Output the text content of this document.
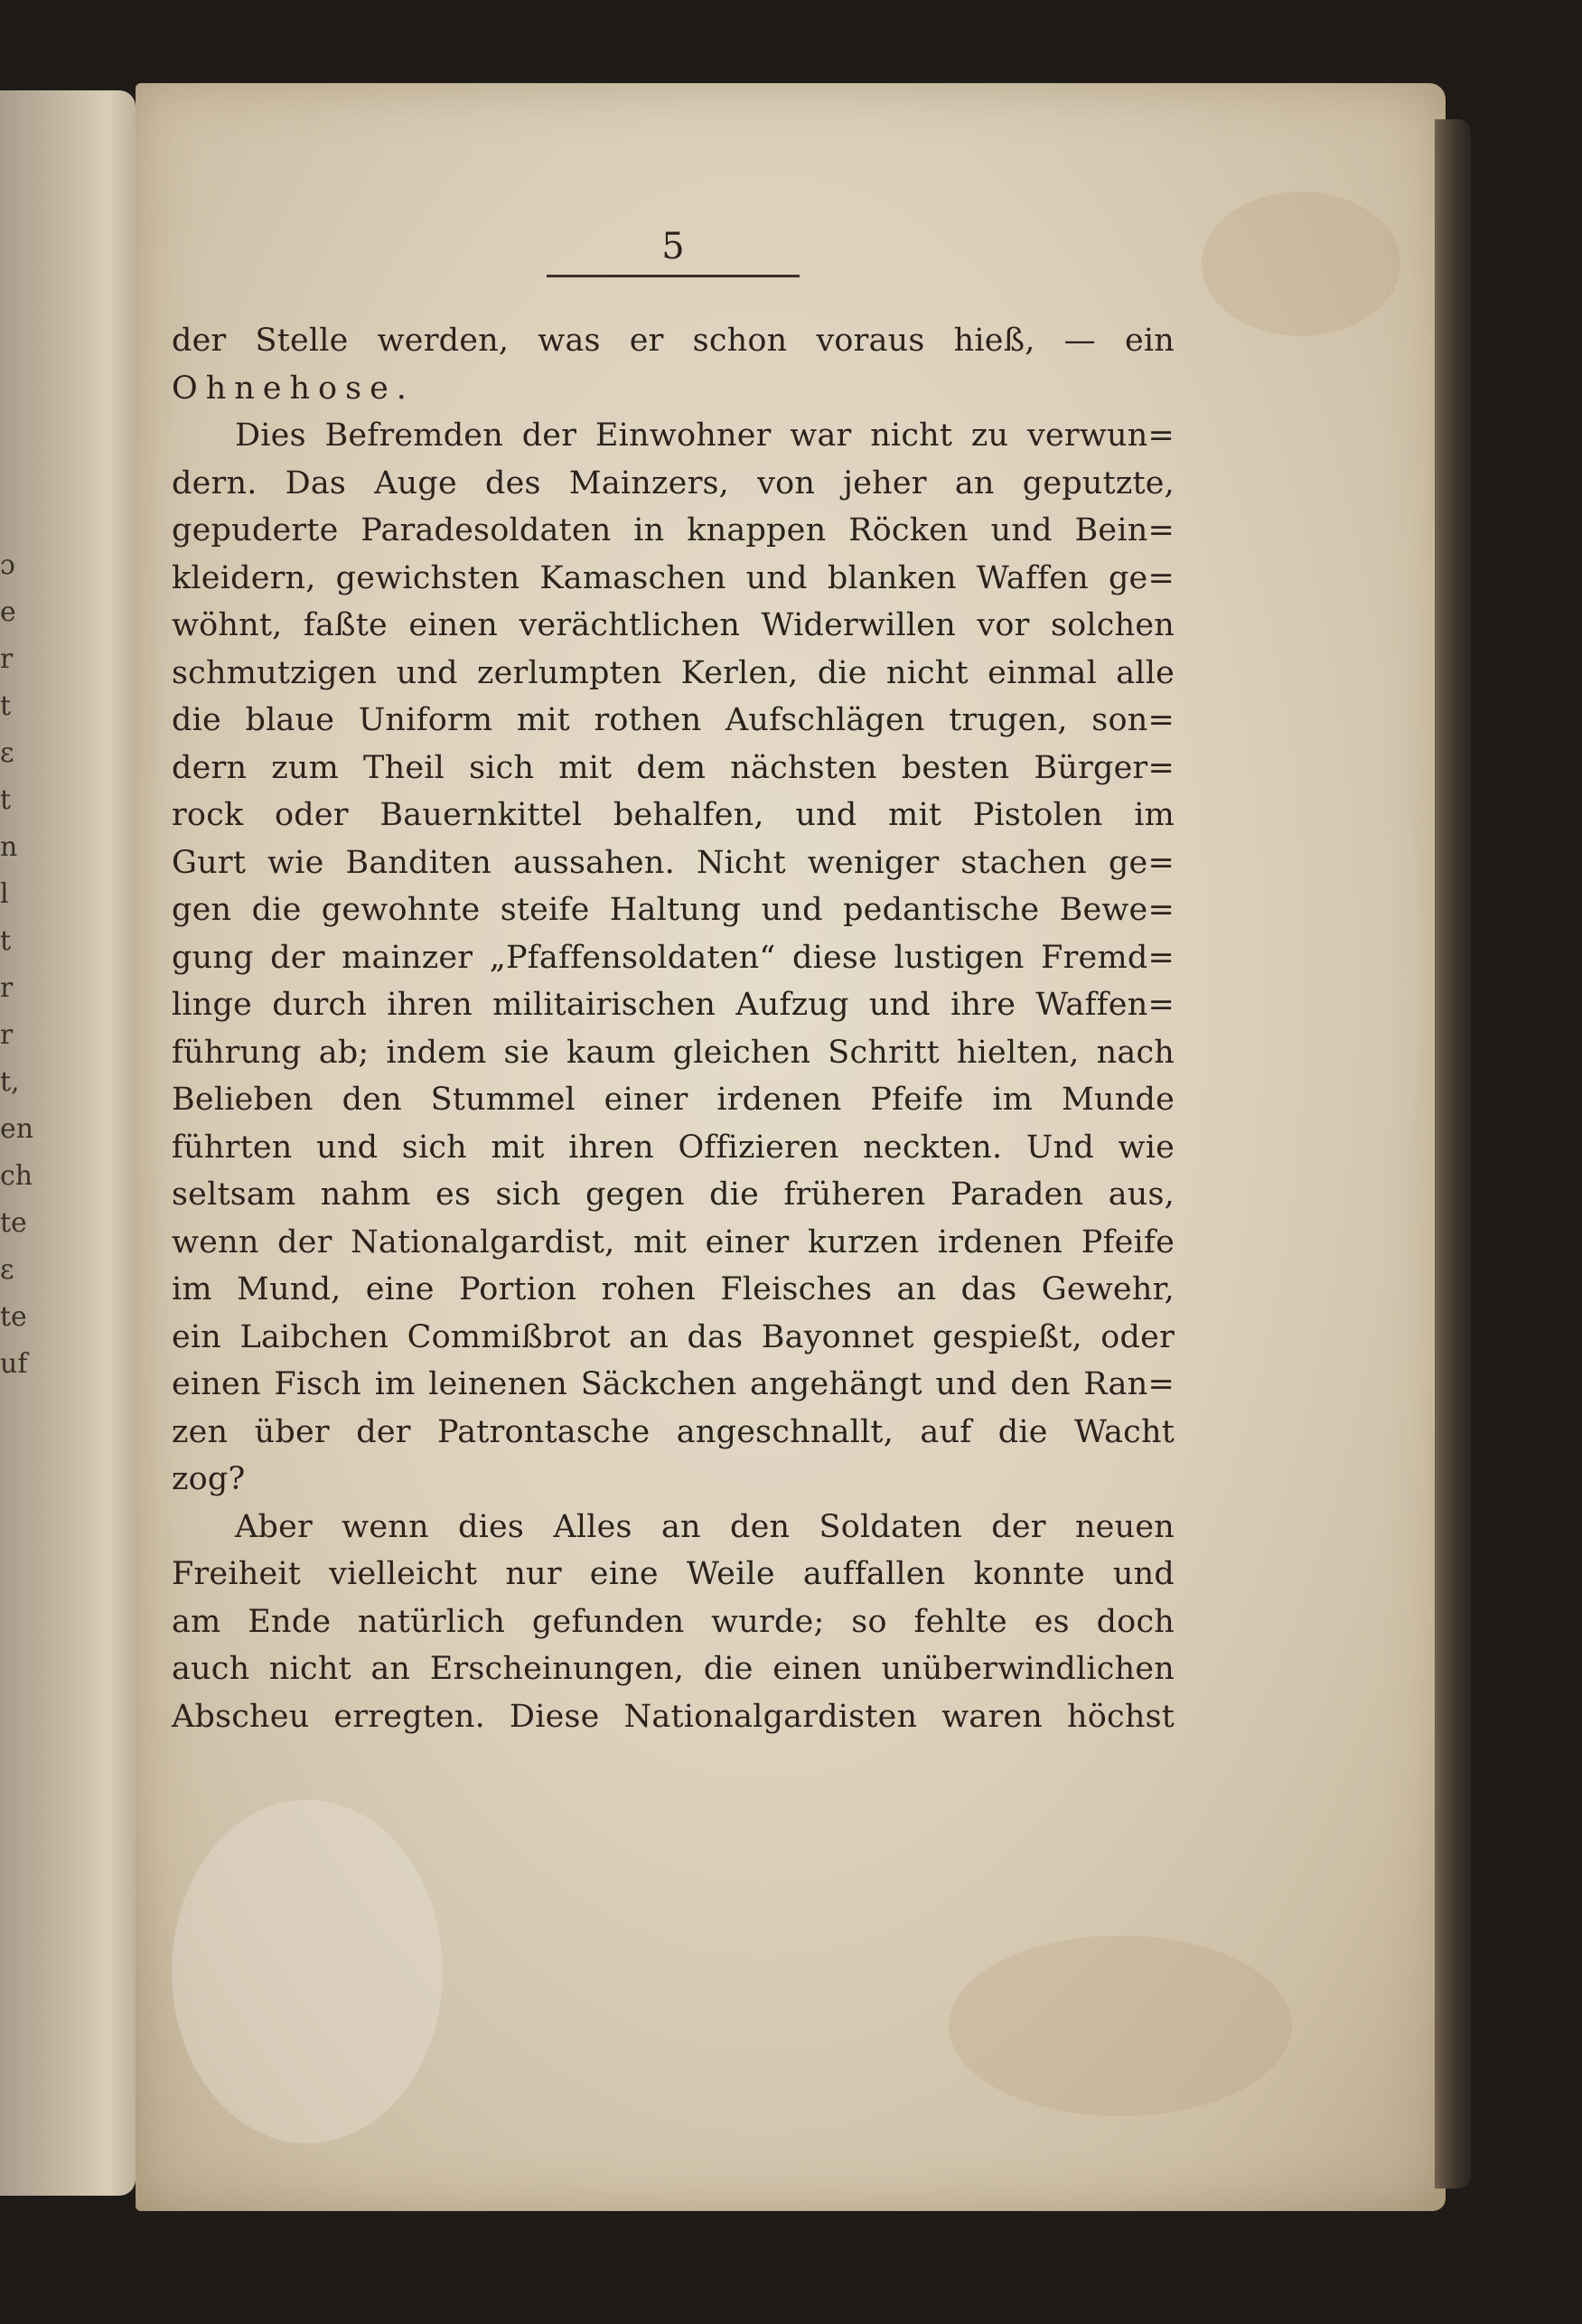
ɔ
e
r
t
ɛ
t
n
l
t
r
r
t,
en
ch
te
ɛ
te
uf
5
der Stelle werden, was er schon voraus hieß, — ein
Ohnehose.
Dies Befremden der Einwohner war nicht zu verwun=
dern. Das Auge des Mainzers, von jeher an geputzte,
gepuderte Paradesoldaten in knappen Röcken und Bein=
kleidern, gewichsten Kamaschen und blanken Waffen ge=
wöhnt, faßte einen verächtlichen Widerwillen vor solchen
schmutzigen und zerlumpten Kerlen, die nicht einmal alle
die blaue Uniform mit rothen Aufschlägen trugen, son=
dern zum Theil sich mit dem nächsten besten Bürger=
rock oder Bauernkittel behalfen, und mit Pistolen im
Gurt wie Banditen aussahen. Nicht weniger stachen ge=
gen die gewohnte steife Haltung und pedantische Bewe=
gung der mainzer „Pfaffensoldaten“ diese lustigen Fremd=
linge durch ihren militairischen Aufzug und ihre Waffen=
führung ab; indem sie kaum gleichen Schritt hielten, nach
Belieben den Stummel einer irdenen Pfeife im Munde
führten und sich mit ihren Offizieren neckten. Und wie
seltsam nahm es sich gegen die früheren Paraden aus,
wenn der Nationalgardist, mit einer kurzen irdenen Pfeife
im Mund, eine Portion rohen Fleisches an das Gewehr,
ein Laibchen Commißbrot an das Bayonnet gespießt, oder
einen Fisch im leinenen Säckchen angehängt und den Ran=
zen über der Patrontasche angeschnallt, auf die Wacht
zog?
Aber wenn dies Alles an den Soldaten der neuen
Freiheit vielleicht nur eine Weile auffallen konnte und
am Ende natürlich gefunden wurde; so fehlte es doch
auch nicht an Erscheinungen, die einen unüberwindlichen
Abscheu erregten. Diese Nationalgardisten waren höchst
